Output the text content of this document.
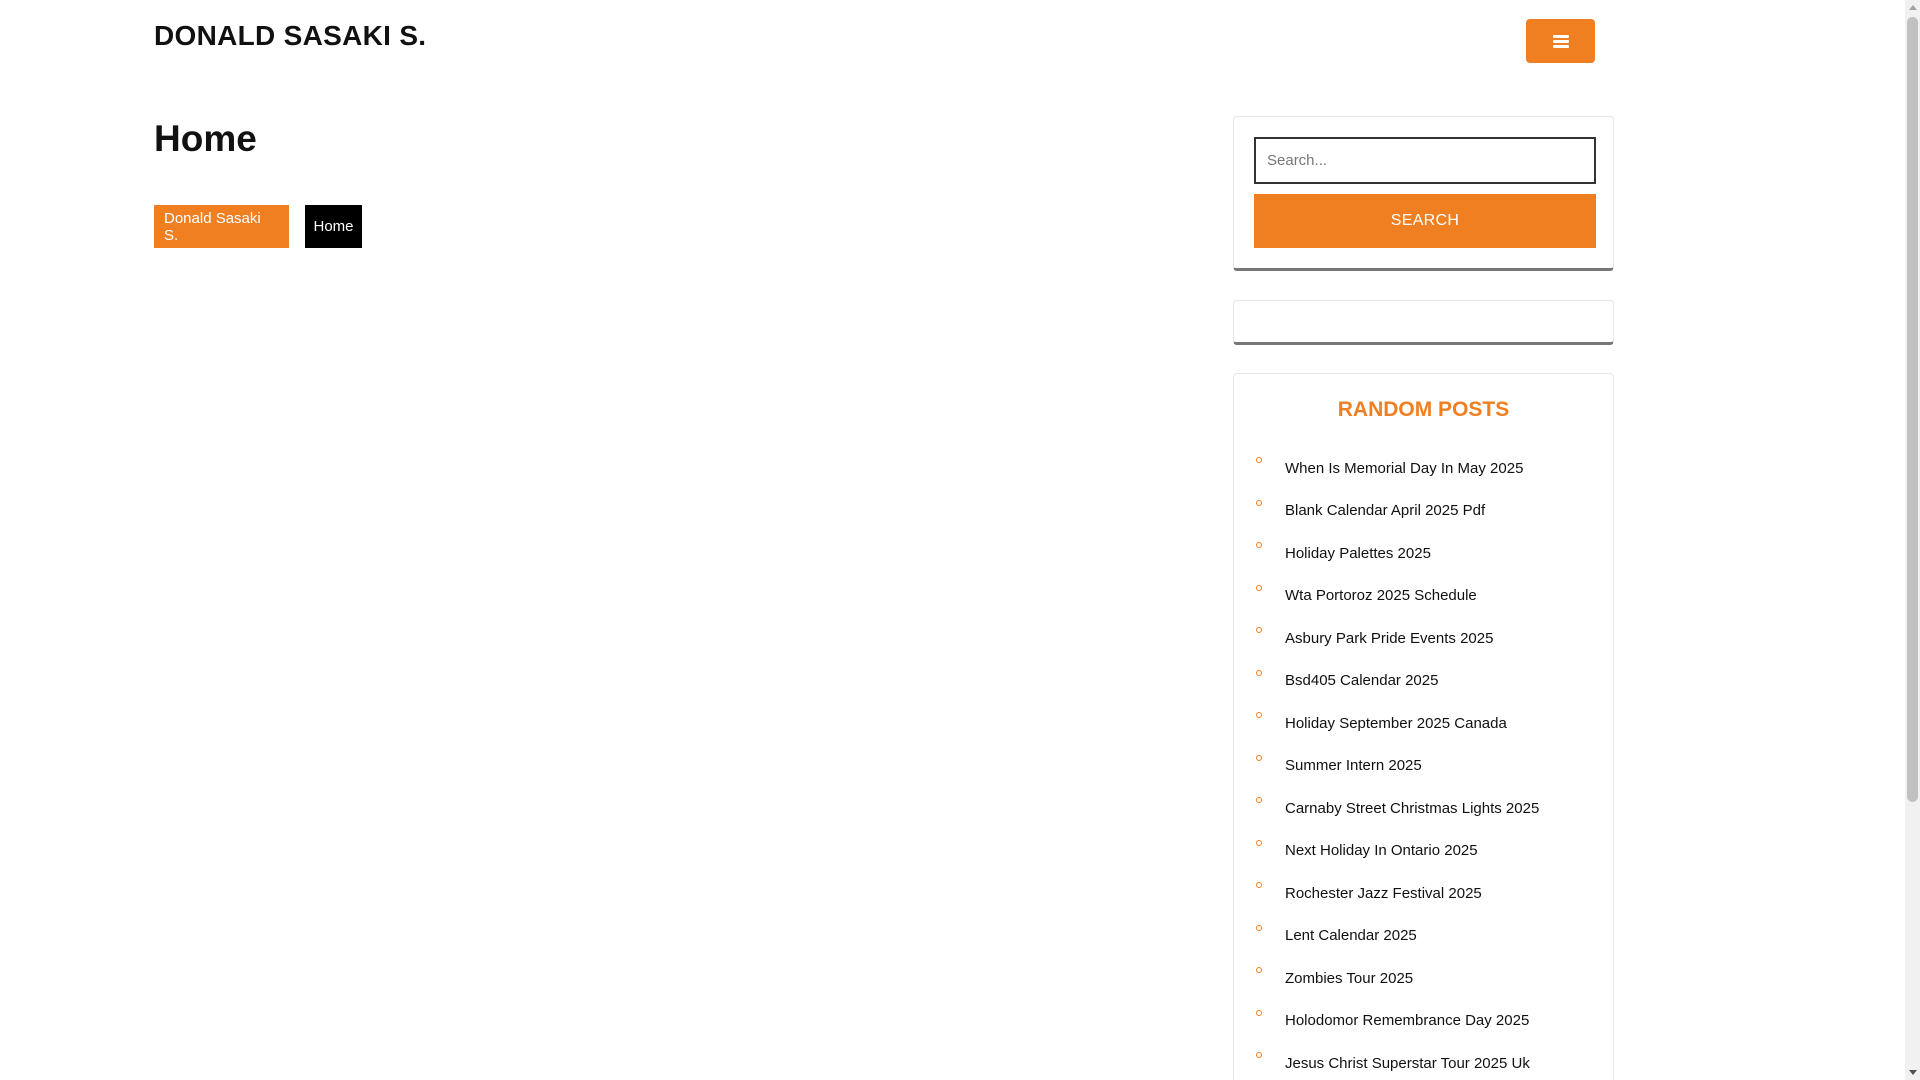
DONALD SASAKI S.
Home
Donald Sasaki S.	Home
Search...	SEARCH
RANDOM POSTS
When Is Memorial Day In May 2025
Blank Calendar April 2025 Pdf
Holiday Palettes 2025
Wta Portoroz 2025 Schedule
Asbury Park Pride Events 2025
Bsd405 Calendar 2025
Holiday September 2025 Canada
Summer Intern 2025
Carnaby Street Christmas Lights 2025
Next Holiday In Ontario 2025
Rochester Jazz Festival 2025
Lent Calendar 2025
Zombies Tour 2025
Holodomor Remembrance Day 2025
Jesus Christ Superstar Tour 2025 Uk
